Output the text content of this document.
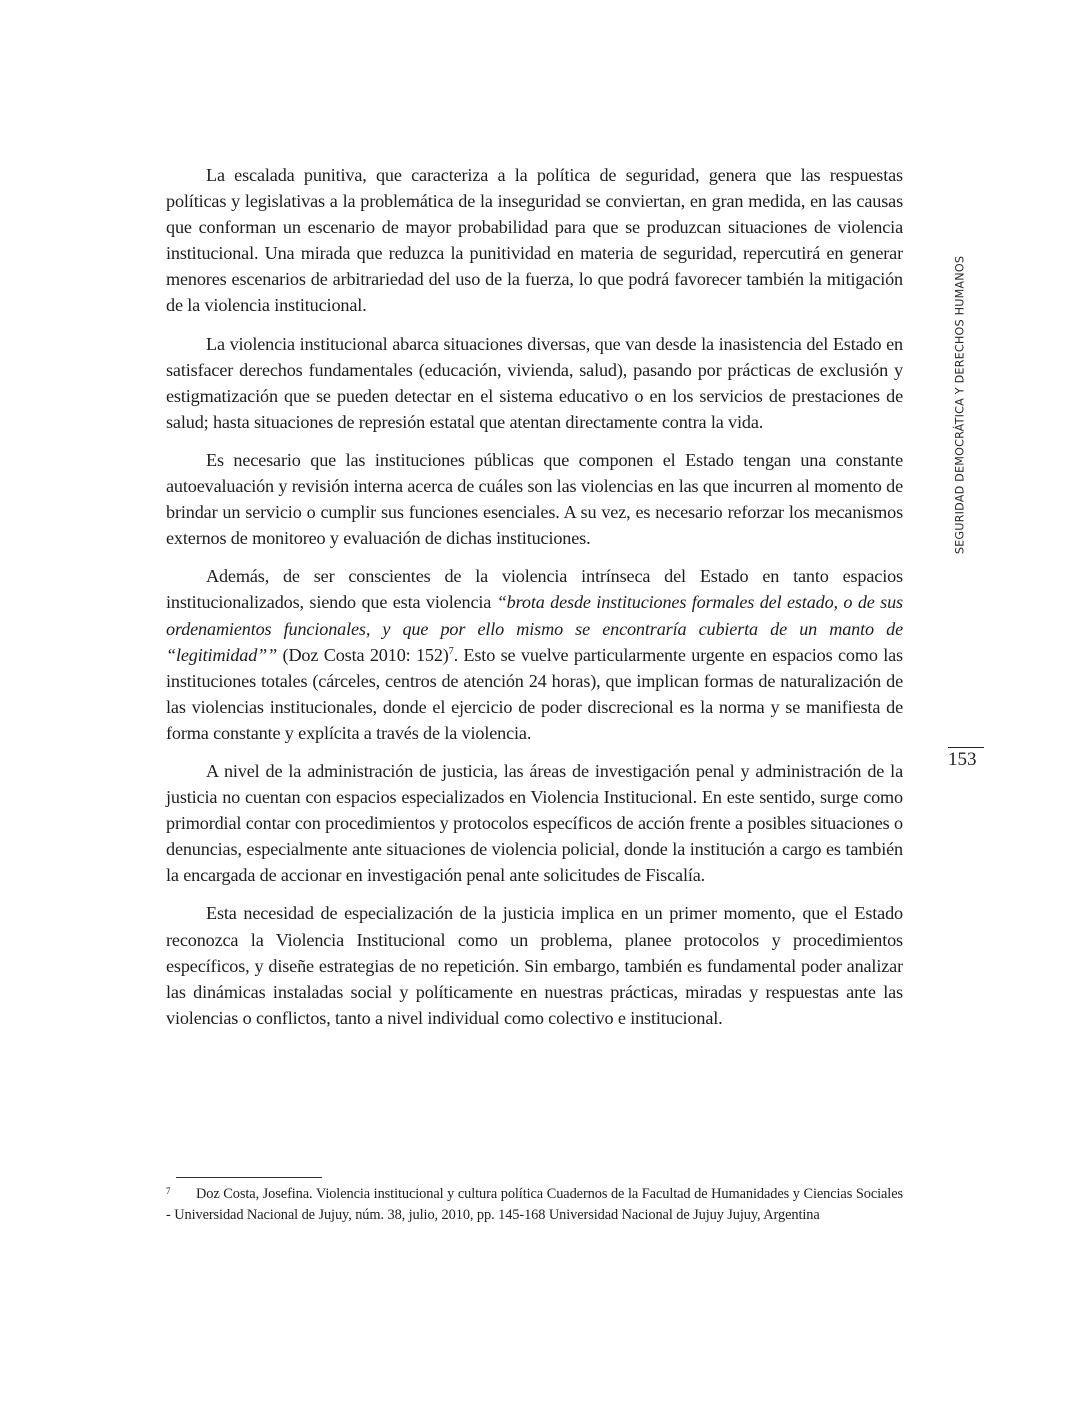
SEGURIDAD DEMOCRÁTICA Y DERECHOS HUMANOS
153

La escalada punitiva, que caracteriza a la política de seguridad, genera que las respuestas políticas y legislativas a la problemática de la inseguridad se conviertan, en gran medida, en las causas que conforman un escenario de mayor probabilidad para que se produzcan situaciones de violencia institucional. Una mirada que reduzca la punitividad en materia de seguridad, repercutirá en generar menores escenarios de arbitrariedad del uso de la fuerza, lo que podrá favorecer también la mitigación de la violencia institucional.

La violencia institucional abarca situaciones diversas, que van desde la inasistencia del Estado en satisfacer derechos fundamentales (educación, vivienda, salud), pasando por prácticas de exclusión y estigmatización que se pueden detectar en el sistema educativo o en los servicios de prestaciones de salud; hasta situaciones de represión estatal que atentan directamente contra la vida.

Es necesario que las instituciones públicas que componen el Estado tengan una constante autoevaluación y revisión interna acerca de cuáles son las violencias en las que incurren al momento de brindar un servicio o cumplir sus funciones esenciales. A su vez, es necesario reforzar los mecanismos externos de monitoreo y evaluación de dichas instituciones.

Además, de ser conscientes de la violencia intrínseca del Estado en tanto espacios institucionalizados, siendo que esta violencia “brota desde instituciones formales del estado, o de sus ordenamientos funcionales, y que por ello mismo se encontraría cubierta de un manto de “legitimidad”” (Doz Costa 2010: 152)$^7$. Esto se vuelve particularmente urgente en espacios como las instituciones totales (cárceles, centros de atención 24 horas), que implican formas de naturalización de las violencias institucionales, donde el ejercicio de poder discrecional es la norma y se manifiesta de forma constante y explícita a través de la violencia.

A nivel de la administración de justicia, las áreas de investigación penal y administración de la justicia no cuentan con espacios especializados en Violencia Institucional. En este sentido, surge como primordial contar con procedimientos y protocolos específicos de acción frente a posibles situaciones o denuncias, especialmente ante situaciones de violencia policial, donde la institución a cargo es también la encargada de accionar en investigación penal ante solicitudes de Fiscalía.

Esta necesidad de especialización de la justicia implica en un primer momento, que el Estado reconozca la Violencia Institucional como un problema, planee protocolos y procedimientos específicos, y diseñe estrategias de no repetición. Sin embargo, también es fundamental poder analizar las dinámicas instaladas social y políticamente en nuestras prácticas, miradas y respuestas ante las violencias o conflictos, tanto a nivel individual como colectivo e institucional.

7 Doz Costa, Josefina. Violencia institucional y cultura política Cuadernos de la Facultad de Humanidades y Ciencias Sociales - Universidad Nacional de Jujuy, núm. 38, julio, 2010, pp. 145-168 Universidad Nacional de Jujuy Jujuy, Argentina
